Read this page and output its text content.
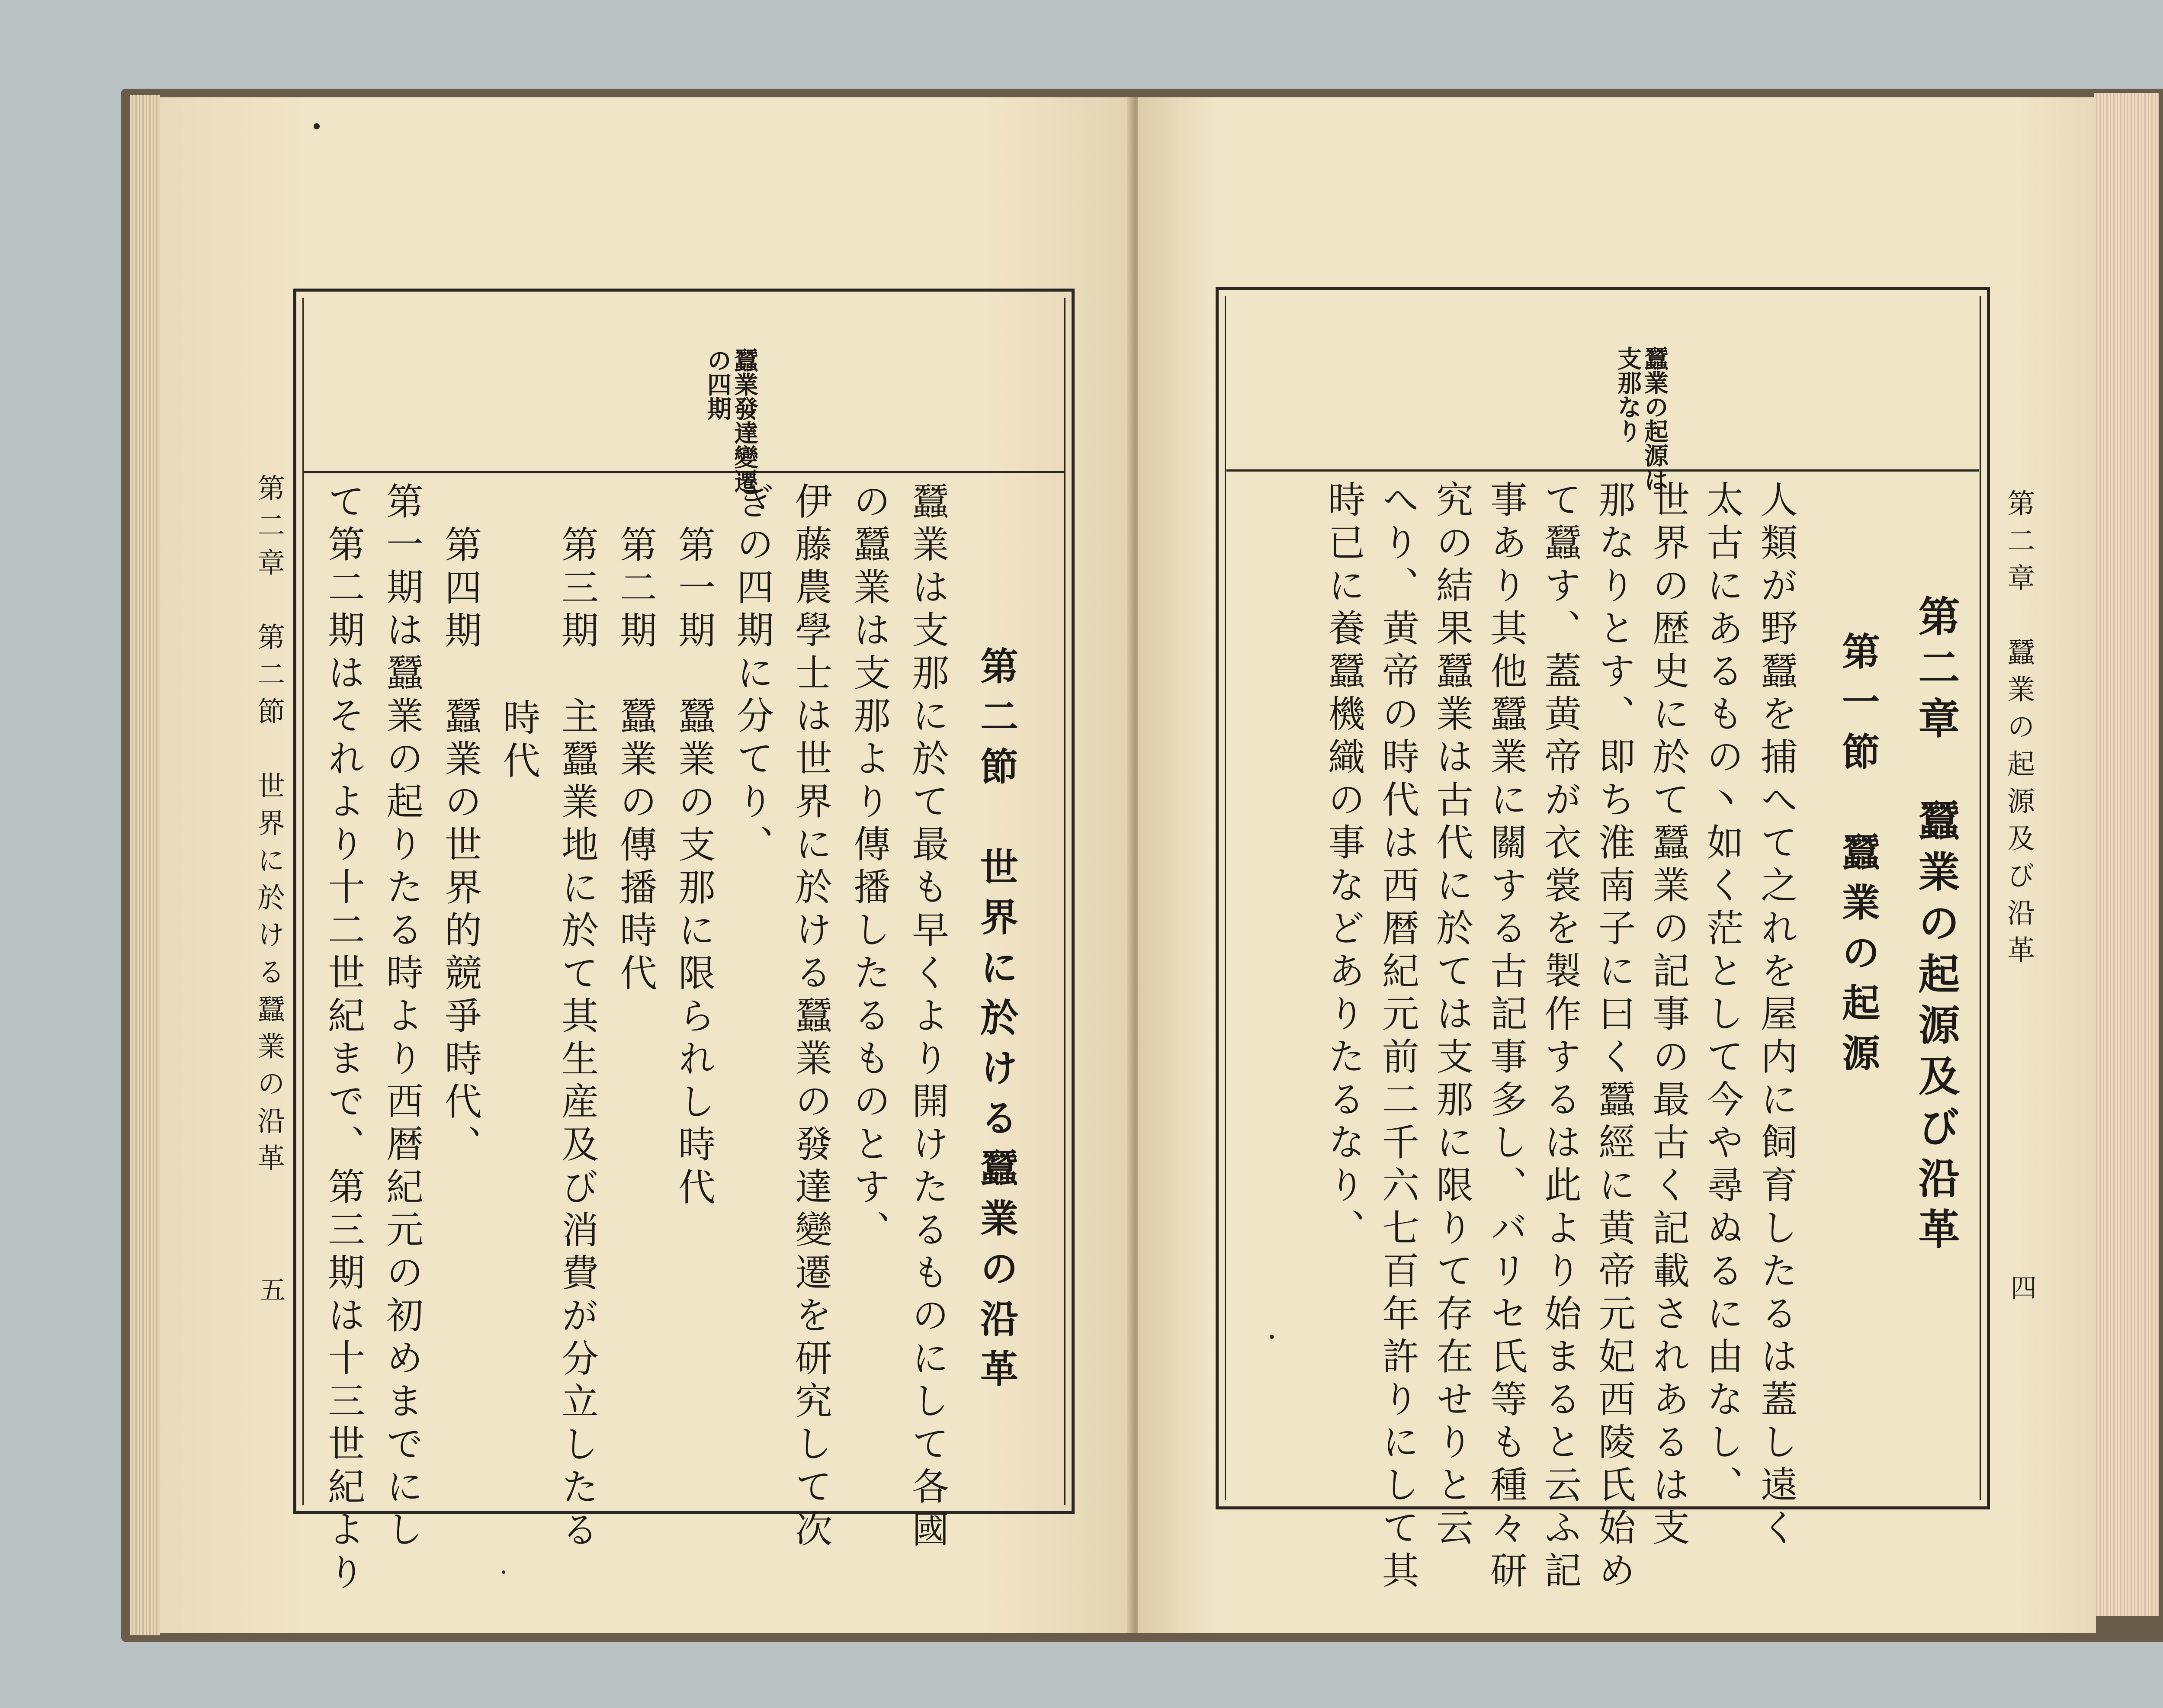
第二章　第二節　世界に於ける蠶業の沿革
五
蠶業發達變遷
の四期
第二節　世界に於ける蠶業の沿革
蠶業は支那に於て最も早くより開けたるものにして各國
の蠶業は支那より傳播したるものとす、
伊藤農學士は世界に於ける蠶業の發達變遷を研究して次
ぎの四期に分てり、
第一期　蠶業の支那に限られし時代
第二期　蠶業の傳播時代
第三期　主蠶業地に於て其生産及び消費が分立したる
時代
第四期　蠶業の世界的競爭時代、
第一期は蠶業の起りたる時より西暦紀元の初めまでにし
て第二期はそれより十二世紀まで、第三期は十三世紀より	第二章　蠶業の起源及び沿革
四
蠶業の起源は
支那なり
第二章　蠶業の起源及び沿革
第一節　蠶業の起源
人類が野蠶を捕へて之れを屋内に飼育したるは蓋し遠く
太古にあるもの丶如く茫として今や尋ぬるに由なし、
世界の歴史に於て蠶業の記事の最古く記載されあるは支
那なりとす、即ち淮南子に曰く蠶經に黄帝元妃西陵氏始め
て蠶す、蓋黄帝が衣裳を製作するは此より始まると云ふ記
事あり其他蠶業に關する古記事多し、バリセ氏等も種々研
究の結果蠶業は古代に於ては支那に限りて存在せりと云
へり、黄帝の時代は西暦紀元前二千六七百年許りにして其
時已に養蠶機織の事などありたるなり、
